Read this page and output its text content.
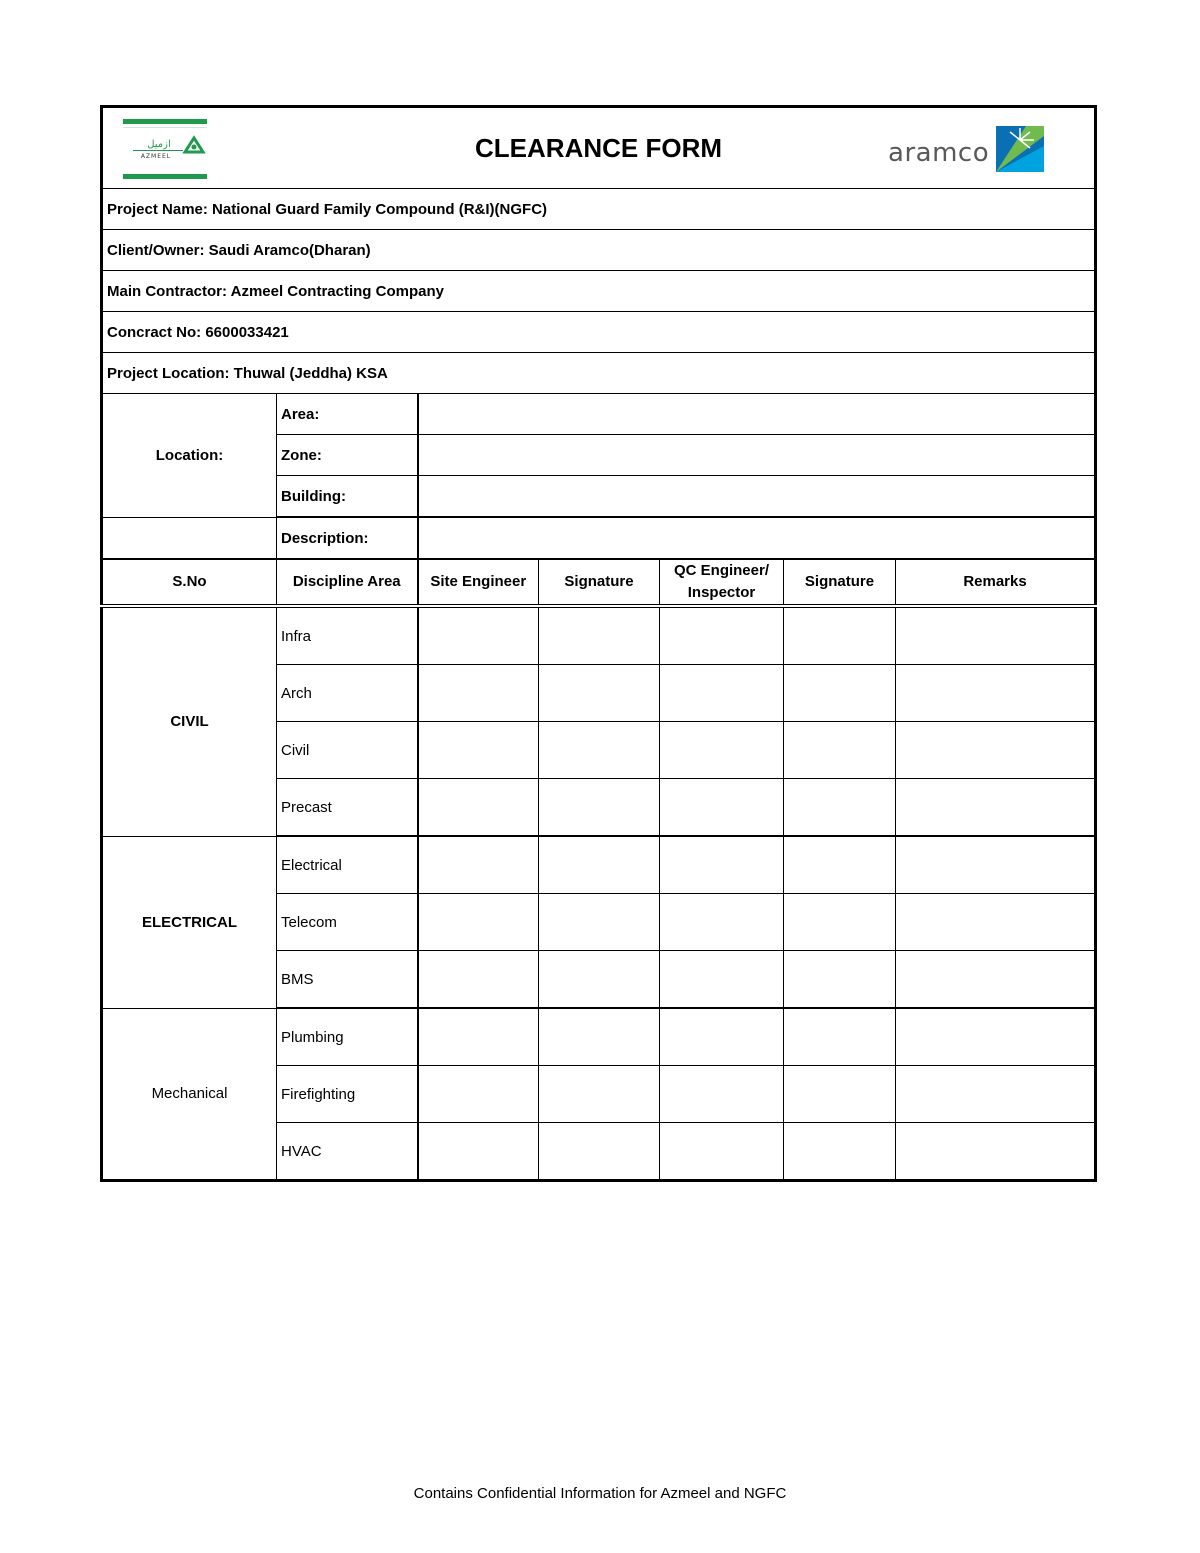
ازميل
AZMEEL CLEARANCE FORM aramco						

Project Name: National Guard Family Compound (R&I)(NGFC)						
Client/Owner: Saudi Aramco(Dharan)						
Main Contractor: Azmeel Contracting Company						
Concract No: 6600033421						
Project Location: Thuwal (Jeddha) KSA						
Location:	Area:					
	Zone:					
	Building:					
	Description:					
S.No	Discipline Area	Site Engineer	Signature	QC Engineer/ Inspector	Signature	Remarks
CIVIL	Infra					
	Arch					
	Civil					
	Precast					
ELECTRICAL	Electrical					
	Telecom					
	BMS					
Mechanical	Plumbing					
	Firefighting					
	HVAC					
Contains Confidential Information for Azmeel and NGFC
